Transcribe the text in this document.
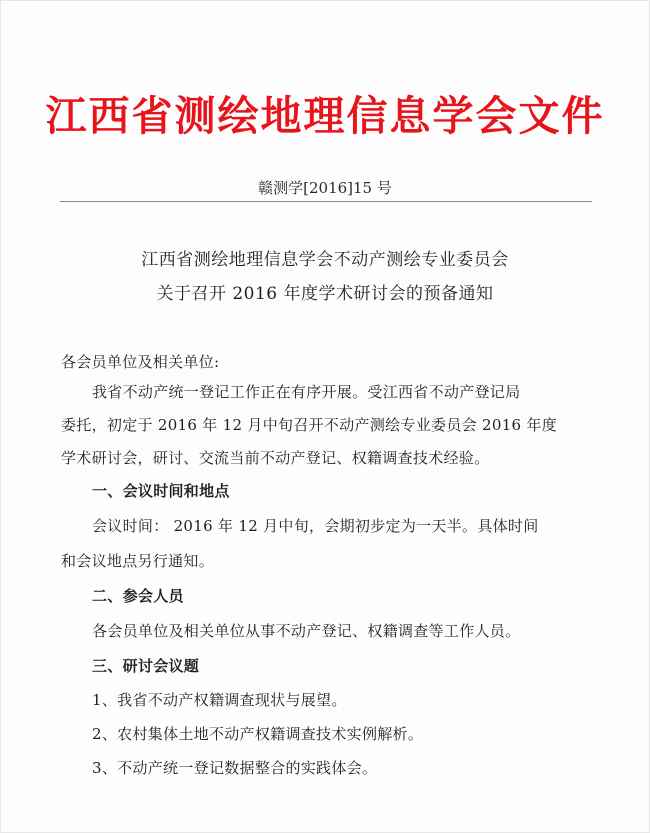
江西省测绘地理信息学会文件
赣测学[2016]15 号
江西省测绘地理信息学会不动产测绘专业委员会
关于召开 2016 年度学术研讨会的预备通知
各会员单位及相关单位:
我省不动产统一登记工作正在有序开展。受江西省不动产登记局
委托，初定于 2016 年 12 月中旬召开不动产测绘专业委员会 2016 年度
学术研讨会，研讨、交流当前不动产登记、权籍调查技术经验。
一、会议时间和地点
会议时间： 2016 年 12 月中旬，会期初步定为一天半。具体时间
和会议地点另行通知。
二、参会人员
各会员单位及相关单位从事不动产登记、权籍调查等工作人员。
三、研讨会议题
1、我省不动产权籍调查现状与展望。
2、农村集体土地不动产权籍调查技术实例解析。
3、不动产统一登记数据整合的实践体会。
